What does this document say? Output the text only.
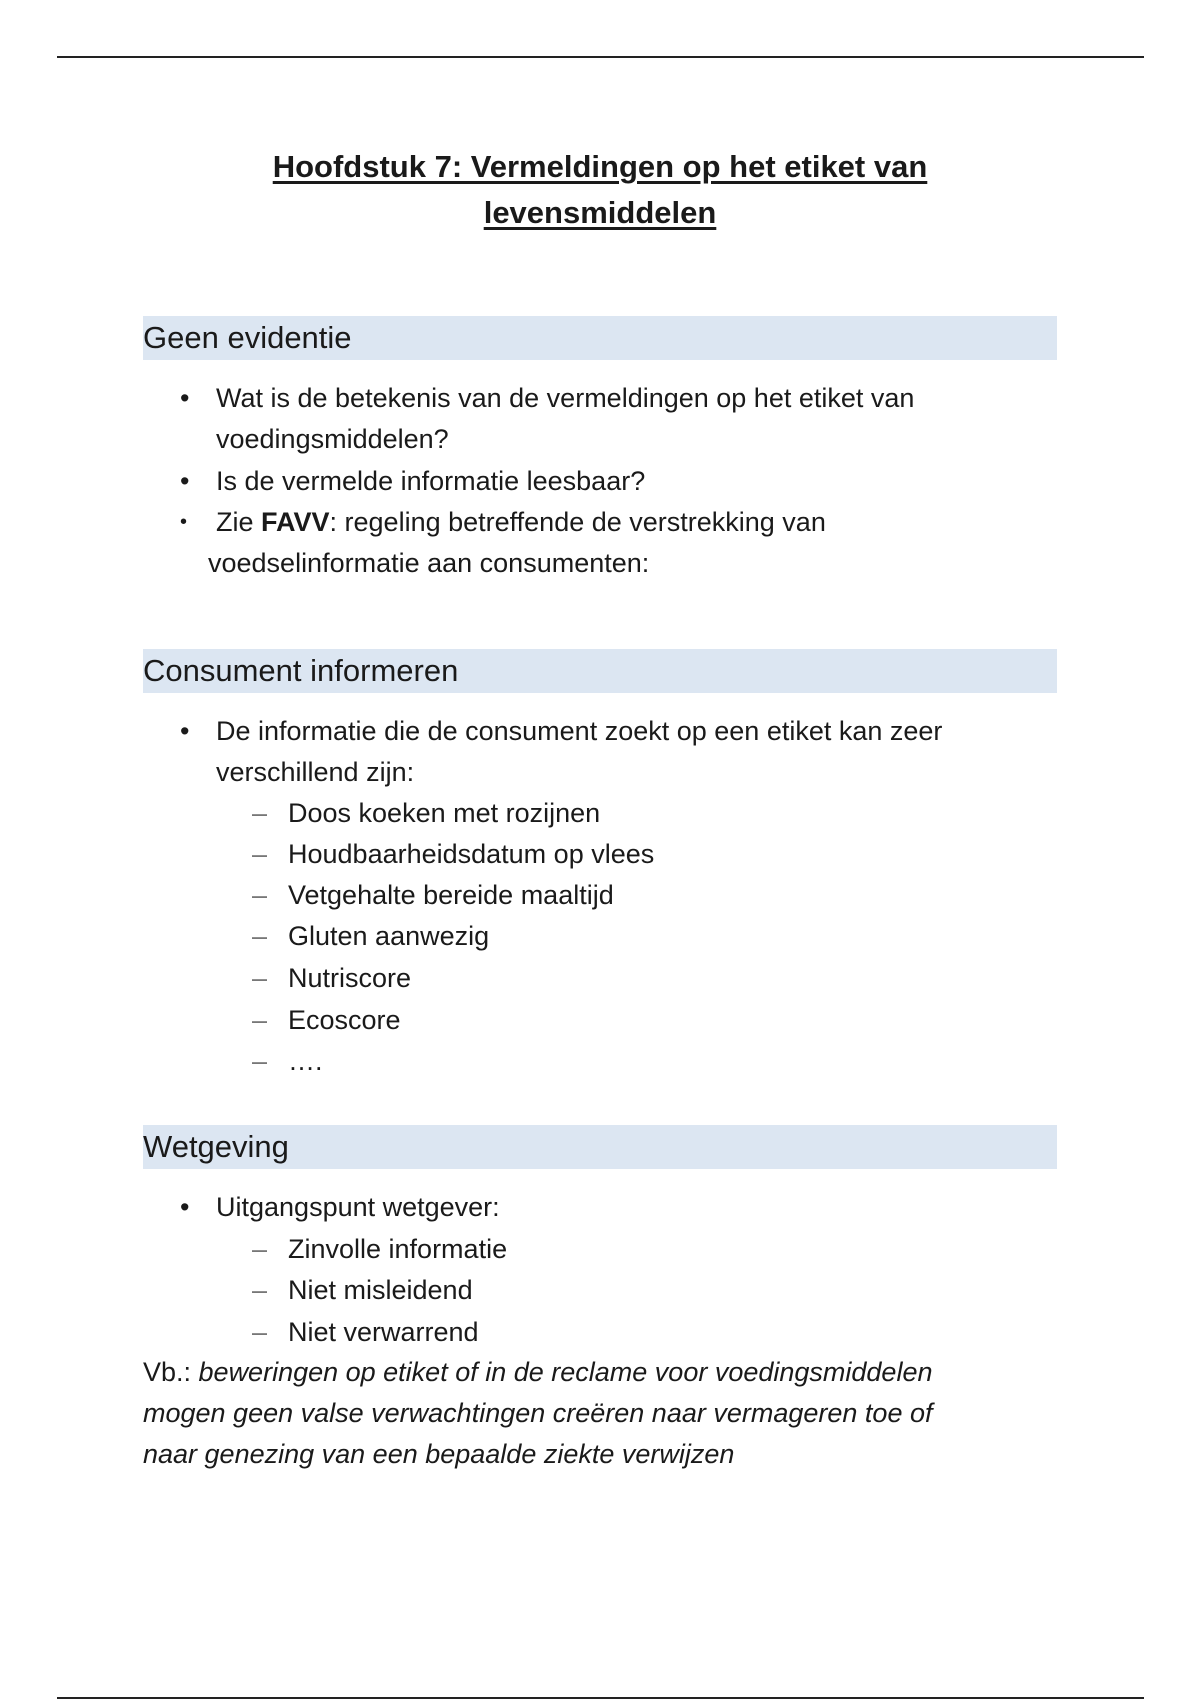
Hoofdstuk 7: Vermeldingen op het etiket van
levensmiddelen
Geen evidentie
• Wat is de betekenis van de vermeldingen op het etiket van
voedingsmiddelen?
• Is de vermelde informatie leesbaar?
•	Zie FAVV: regeling betreffende de verstrekking van
voedselinformatie aan consumenten:
Consument informeren
• De informatie die de consument zoekt op een etiket kan zeer
verschillend zijn:
– Doos koeken met rozijnen
– Houdbaarheidsdatum op vlees
– Vetgehalte bereide maaltijd
– Gluten aanwezig
– Nutriscore
– Ecoscore
– ….
Wetgeving
• Uitgangspunt wetgever:
– Zinvolle informatie
– Niet misleidend
– Niet verwarrend
Vb.: beweringen op etiket of in de reclame voor voedingsmiddelen
mogen geen valse verwachtingen creëren naar vermageren toe of
naar genezing van een bepaalde ziekte verwijzen
